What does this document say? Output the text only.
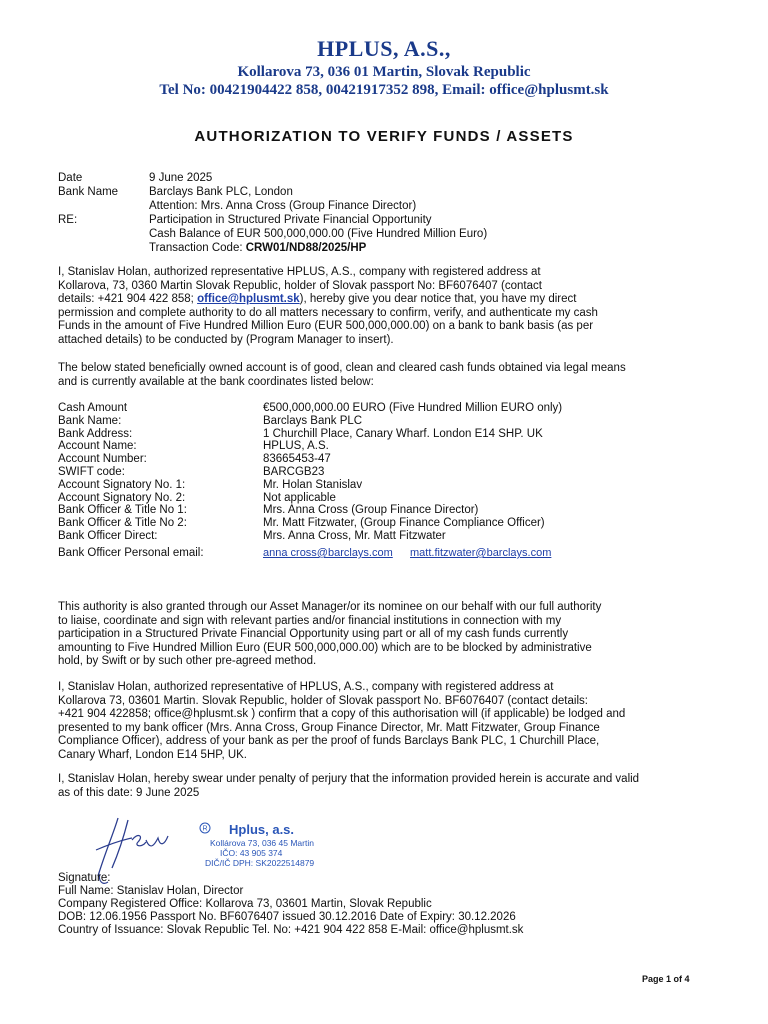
HPLUS, A.S.,
Kollarova 73, 036 01 Martin, Slovak Republic
Tel No: 00421904422 858, 00421917352 898, Email: office@hplusmt.sk
AUTHORIZATION TO VERIFY FUNDS / ASSETS
Date	9 June 2025
Bank Name	Barclays Bank PLC, London
Attention: Mrs. Anna Cross (Group Finance Director)
RE:	Participation in Structured Private Financial Opportunity
Cash Balance of EUR 500,000,000.00 (Five Hundred Million Euro)
Transaction Code: CRW01/ND88/2025/HP
I, Stanislav Holan, authorized representative HPLUS, A.S., company with registered address at
Kollarova, 73, 0360 Martin Slovak Republic, holder of Slovak passport No: BF6076407 (contact
details: +421 904 422 858; office@hplusmt.sk), hereby give you dear notice that, you have my direct
permission and complete authority to do all matters necessary to confirm, verify, and authenticate my cash
Funds in the amount of Five Hundred Million Euro (EUR 500,000,000.00) on a bank to bank basis (as per
attached details) to be conducted by (Program Manager to insert).
The below stated beneficially owned account is of good, clean and cleared cash funds obtained via legal means
and is currently available at the bank coordinates listed below:
Cash Amount	€500,000,000.00 EURO (Five Hundred Million EURO only)
Bank Name:	Barclays Bank PLC
Bank Address:	1 Churchill Place, Canary Wharf. London E14 SHP. UK
Account Name:	HPLUS, A.S.
Account Number:	83665453-47
SWIFT code:	BARCGB23
Account Signatory No. 1:	Mr. Holan Stanislav
Account Signatory No. 2:	Not applicable
Bank Officer & Title No 1:	Mrs. Anna Cross (Group Finance Director)
Bank Officer & Title No 2:	Mr. Matt Fitzwater, (Group Finance Compliance Officer)
Bank Officer Direct:	Mrs. Anna Cross, Mr. Matt Fitzwater
Bank Officer Personal email:	anna cross@barclays.com matt.fitzwater@barclays.com
This authority is also granted through our Asset Manager/or its nominee on our behalf with our full authority
to liaise, coordinate and sign with relevant parties and/or financial institutions in connection with my
participation in a Structured Private Financial Opportunity using part or all of my cash funds currently
amounting to Five Hundred Million Euro (EUR 500,000,000.00) which are to be blocked by administrative
hold, by Swift or by such other pre-agreed method.
I, Stanislav Holan, authorized representative of HPLUS, A.S., company with registered address at
Kollarova 73, 03601 Martin. Slovak Republic, holder of Slovak passport No. BF6076407 (contact details:
+421 904 422858; office@hplusmt.sk ) confirm that a copy of this authorisation will (if applicable) be lodged and
presented to my bank officer (Mrs. Anna Cross, Group Finance Director, Mr. Matt Fitzwater, Group Finance
Compliance Officer), address of your bank as per the proof of funds Barclays Bank PLC, 1 Churchill Place,
Canary Wharf, London E14 5HP, UK.
I, Stanislav Holan, hereby swear under penalty of perjury that the information provided herein is accurate and valid
as of this date: 9 June 2025
R Hplus, a.s.
Kollárova 73, 036 45 Martin
IČO: 43 905 374
DIČ/IČ DPH: SK2022514879
Signature:
Full Name: Stanislav Holan, Director
Company Registered Office: Kollarova 73, 03601 Martin, Slovak Republic
DOB: 12.06.1956 Passport No. BF6076407 issued 30.12.2016 Date of Expiry: 30.12.2026
Country of Issuance: Slovak Republic Tel. No: +421 904 422 858 E-Mail: office@hplusmt.sk
Page 1 of 4
